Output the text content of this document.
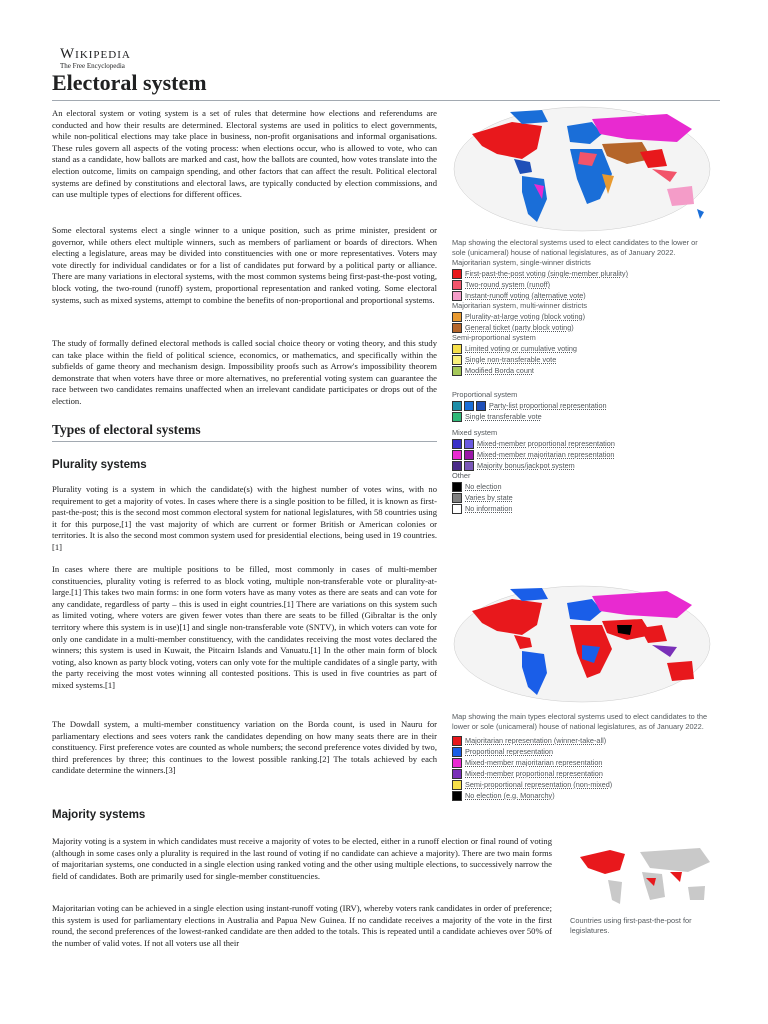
Wikipedia
The Free Encyclopedia
Electoral system

An electoral system or voting system is a set of rules that determine how elections and referendums are conducted and how their results are determined. Electoral systems are used in politics to elect governments, while non-political elections may take place in business, non-profit organisations and informal organisations. These rules govern all aspects of the voting process: when elections occur, who is allowed to vote, who can stand as a candidate, how ballots are marked and cast, how the ballots are counted, how votes translate into the election outcome, limits on campaign spending, and other factors that can affect the result. Political electoral systems are defined by constitutions and electoral laws, are typically conducted by election commissions, and can use multiple types of elections for different offices.

Some electoral systems elect a single winner to a unique position, such as prime minister, president or governor, while others elect multiple winners, such as members of parliament or boards of directors. When electing a legislature, areas may be divided into constituencies with one or more representatives. Voters may vote directly for individual candidates or for a list of candidates put forward by a political party or alliance. There are many variations in electoral systems, with the most common systems being first-past-the-post voting, block voting, the two-round (runoff) system, proportional representation and ranked voting. Some electoral systems, such as mixed systems, attempt to combine the benefits of non-proportional and proportional systems.

The study of formally defined electoral methods is called social choice theory or voting theory, and this study can take place within the field of political science, economics, or mathematics, and specifically within the subfields of game theory and mechanism design. Impossibility proofs such as Arrow's impossibility theorem demonstrate that when voters have three or more alternatives, no preferential voting system can guarantee the race between two candidates remains unaffected when an irrelevant candidate participates or drops out of the election.

Types of electoral systems
Plurality systems

Plurality voting is a system in which the candidate(s) with the highest number of votes wins, with no requirement to get a majority of votes. In cases where there is a single position to be filled, it is known as first-past-the-post; this is the second most common electoral system for national legislatures, with 58 countries using it for this purpose,[1] the vast majority of which are current or former British or American colonies or territories. It is also the second most common system used for presidential elections, being used in 19 countries.[1]

In cases where there are multiple positions to be filled, most commonly in cases of multi-member constituencies, plurality voting is referred to as block voting, multiple non-transferable vote or plurality-at-large.[1] This takes two main forms: in one form voters have as many votes as there are seats and can vote for any candidate, regardless of party – this is used in eight countries.[1] There are variations on this system such as limited voting, where voters are given fewer votes than there are seats to be filled (Gibraltar is the only territory where this system is in use)[1] and single non-transferable vote (SNTV), in which voters can vote for only one candidate in a multi-member constituency, with the candidates receiving the most votes declared the winners; this system is used in Kuwait, the Pitcairn Islands and Vanuatu.[1] In the other main form of block voting, also known as party block voting, voters can only vote for the multiple candidates of a single party, with the party receiving the most votes winning all contested positions. This is used in five countries as part of mixed systems.[1]

The Dowdall system, a multi-member constituency variation on the Borda count, is used in Nauru for parliamentary elections and sees voters rank the candidates depending on how many seats there are in their constituency. First preference votes are counted as whole numbers; the second preference votes divided by two, third preferences by three; this continues to the lowest possible ranking.[2] The totals achieved by each candidate determine the winners.[3]

Majority systems

Majority voting is a system in which candidates must receive a majority of votes to be elected, either in a runoff election or final round of voting (although in some cases only a plurality is required in the last round of voting if no candidate can achieve a majority). There are two main forms of majoritarian systems, one conducted in a single election using ranked voting and the other using multiple elections, to successively narrow the field of candidates. Both are primarily used for single-member constituencies.

Majoritarian voting can be achieved in a single election using instant-runoff voting (IRV), whereby voters rank candidates in order of preference; this system is used for parliamentary elections in Australia and Papua New Guinea. If no candidate receives a majority of the vote in the first round, the second preferences of the lowest-ranked candidate are then added to the totals. This is repeated until a candidate achieves over 50% of the number of valid votes. If not all voters use all their

Map showing the electoral systems used to elect candidates to the lower or sole (unicameral) house of national legislatures, as of January 2022.
Majoritarian system, single-winner districts
First-past-the-post voting (single-member plurality)
Two-round system (runoff)
Instant-runoff voting (alternative vote)
Majoritarian system, multi-winner districts
Plurality-at-large voting (block voting)
General ticket (party block voting)
Semi-proportional system
Limited voting or cumulative voting
Single non-transferable vote
Modified Borda count
Proportional system
Party-list proportional representation
Single transferable vote
Mixed system
Mixed-member proportional representation
Mixed-member majoritarian representation
Majority bonus/jackpot system
Other
No election
Varies by state
No information
Map showing the main types electoral systems used to elect candidates to the lower or sole (unicameral) house of national legislatures, as of January 2022.
Majoritarian representation (winner-take-all)
Proportional representation
Mixed-member majoritarian representation
Mixed-member proportional representation
Semi-proportional representation (non-mixed)
No election (e.g. Monarchy)
Countries using first-past-the-post for legislatures.
